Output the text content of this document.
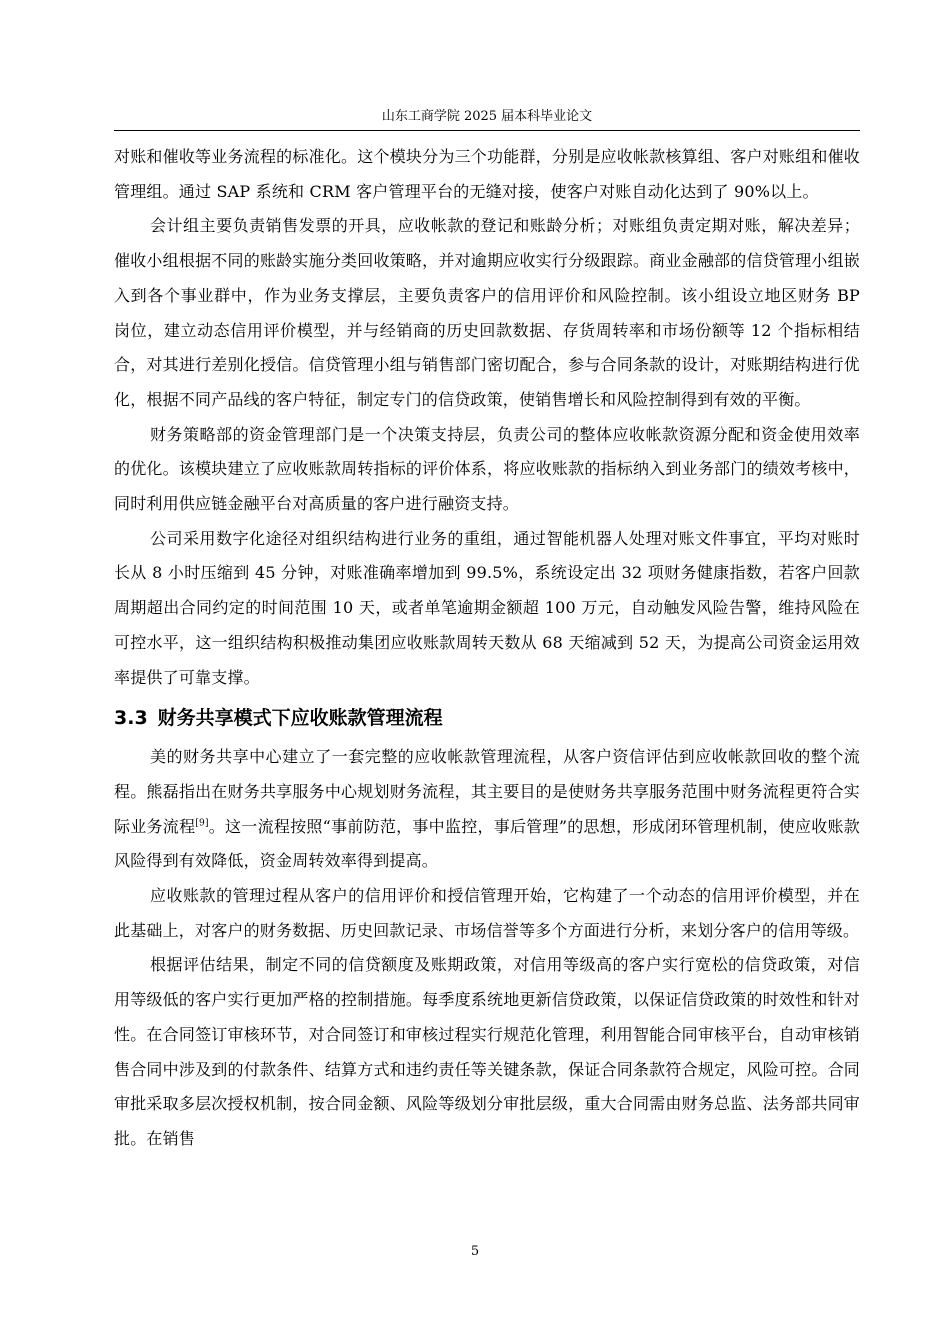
山东工商学院 2025 届本科毕业论文

对账和催收等业务流程的标准化。这个模块分为三个功能群，分别是应收帐款核算组、客户对账组和催收管理组。通过 SAP 系统和 CRM 客户管理平台的无缝对接，使客户对账自动化达到了 90%以上。

会计组主要负责销售发票的开具，应收帐款的登记和账龄分析；对账组负责定期对账，解决差异；催收小组根据不同的账龄实施分类回收策略，并对逾期应收实行分级跟踪。商业金融部的信贷管理小组嵌入到各个事业群中，作为业务支撑层，主要负责客户的信用评价和风险控制。该小组设立地区财务 BP 岗位，建立动态信用评价模型，并与经销商的历史回款数据、存货周转率和市场份额等 12 个指标相结合，对其进行差别化授信。信贷管理小组与销售部门密切配合，参与合同条款的设计，对账期结构进行优化，根据不同产品线的客户特征，制定专门的信贷政策，使销售增长和风险控制得到有效的平衡。

财务策略部的资金管理部门是一个决策支持层，负责公司的整体应收帐款资源分配和资金使用效率的优化。该模块建立了应收账款周转指标的评价体系，将应收账款的指标纳入到业务部门的绩效考核中，同时利用供应链金融平台对高质量的客户进行融资支持。

公司采用数字化途径对组织结构进行业务的重组，通过智能机器人处理对账文件事宜，平均对账时长从 8 小时压缩到 45 分钟，对账准确率增加到 99.5%，系统设定出 32 项财务健康指数，若客户回款周期超出合同约定的时间范围 10 天，或者单笔逾期金额超 100 万元，自动触发风险告警，维持风险在可控水平，这一组织结构积极推动集团应收账款周转天数从 68 天缩减到 52 天，为提高公司资金运用效率提供了可靠支撑。

3.3 财务共享模式下应收账款管理流程

美的财务共享中心建立了一套完整的应收帐款管理流程，从客户资信评估到应收帐款回收的整个流程。熊磊指出在财务共享服务中心规划财务流程，其主要目的是使财务共享服务范围中财务流程更符合实际业务流程[9]。这一流程按照“事前防范，事中监控，事后管理”的思想，形成闭环管理机制，使应收账款风险得到有效降低，资金周转效率得到提高。

应收账款的管理过程从客户的信用评价和授信管理开始，它构建了一个动态的信用评价模型，并在此基础上，对客户的财务数据、历史回款记录、市场信誉等多个方面进行分析，来划分客户的信用等级。

根据评估结果，制定不同的信贷额度及账期政策，对信用等级高的客户实行宽松的信贷政策，对信用等级低的客户实行更加严格的控制措施。每季度系统地更新信贷政策，以保证信贷政策的时效性和针对性。在合同签订审核环节，对合同签订和审核过程实行规范化管理，利用智能合同审核平台，自动审核销售合同中涉及到的付款条件、结算方式和违约责任等关键条款，保证合同条款符合规定，风险可控。合同审批采取多层次授权机制，按合同金额、风险等级划分审批层级，重大合同需由财务总监、法务部共同审批。在销售

5
